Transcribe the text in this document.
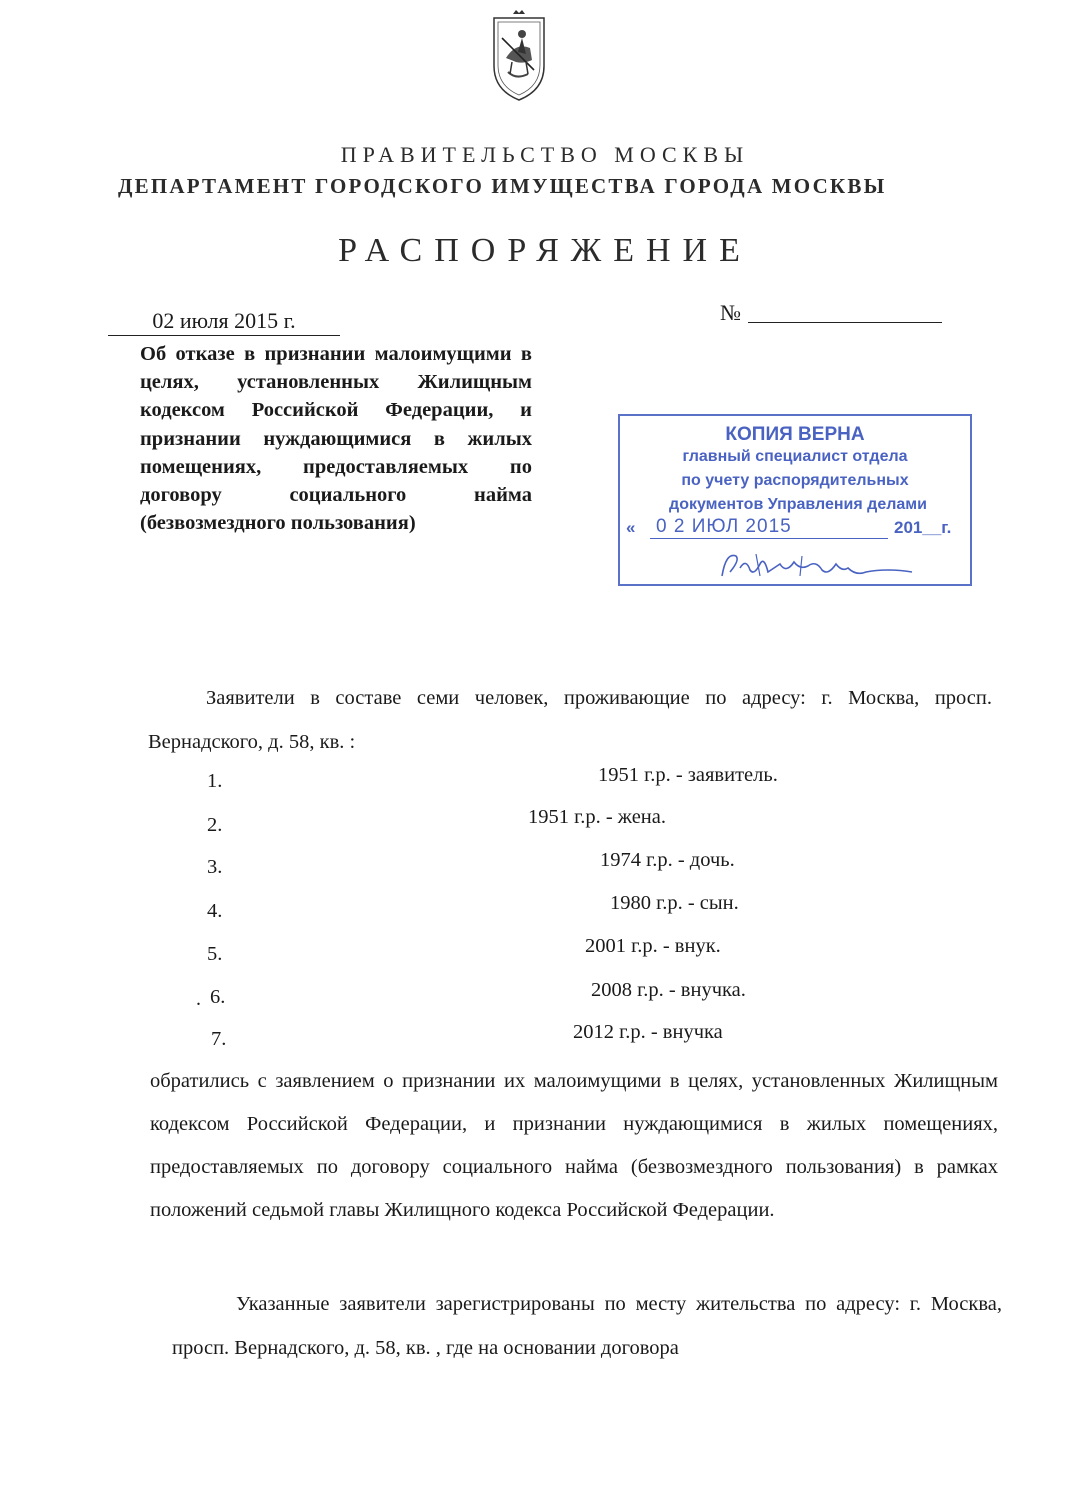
ПРАВИТЕЛЬСТВО МОСКВЫ
ДЕПАРТАМЕНТ ГОРОДСКОГО ИМУЩЕСТВА ГОРОДА МОСКВЫ
РАСПОРЯЖЕНИЕ
02 июля 2015 г.	№
Об отказе в признании малоимущими в целях, установленных Жилищным кодексом Российской Федерации, и признании нуждающимися в жилых помещениях, предоставляемых по договору социального найма (безвозмездного пользования)
КОПИЯ ВЕРНА
главный специалист отдела
по учету распорядительных
документов Управления делами
« 0 2 ИЮЛ 2015	201__г.
Заявители в составе семи человек, проживающие по адресу: г. Москва, просп. Вернадского, д. 58, кв. :
1.	1951 г.р. - заявитель.
2.	1951 г.р. - жена.
3.	1974 г.р. - дочь.
4.	1980 г.р. - сын.
5.	2001 г.р. - внук.
. 6.	2008 г.р. - внучка.
7.	2012 г.р. - внучка
обратились с заявлением о признании их малоимущими в целях, установленных Жилищным кодексом Российской Федерации, и признании нуждающимися в жилых помещениях, предоставляемых по договору социального найма (безвозмездного пользования) в рамках положений седьмой главы Жилищного кодекса Российской Федерации.
Указанные заявители зарегистрированы по месту жительства по адресу: г. Москва, просп. Вернадского, д. 58, кв. , где на основании договора
